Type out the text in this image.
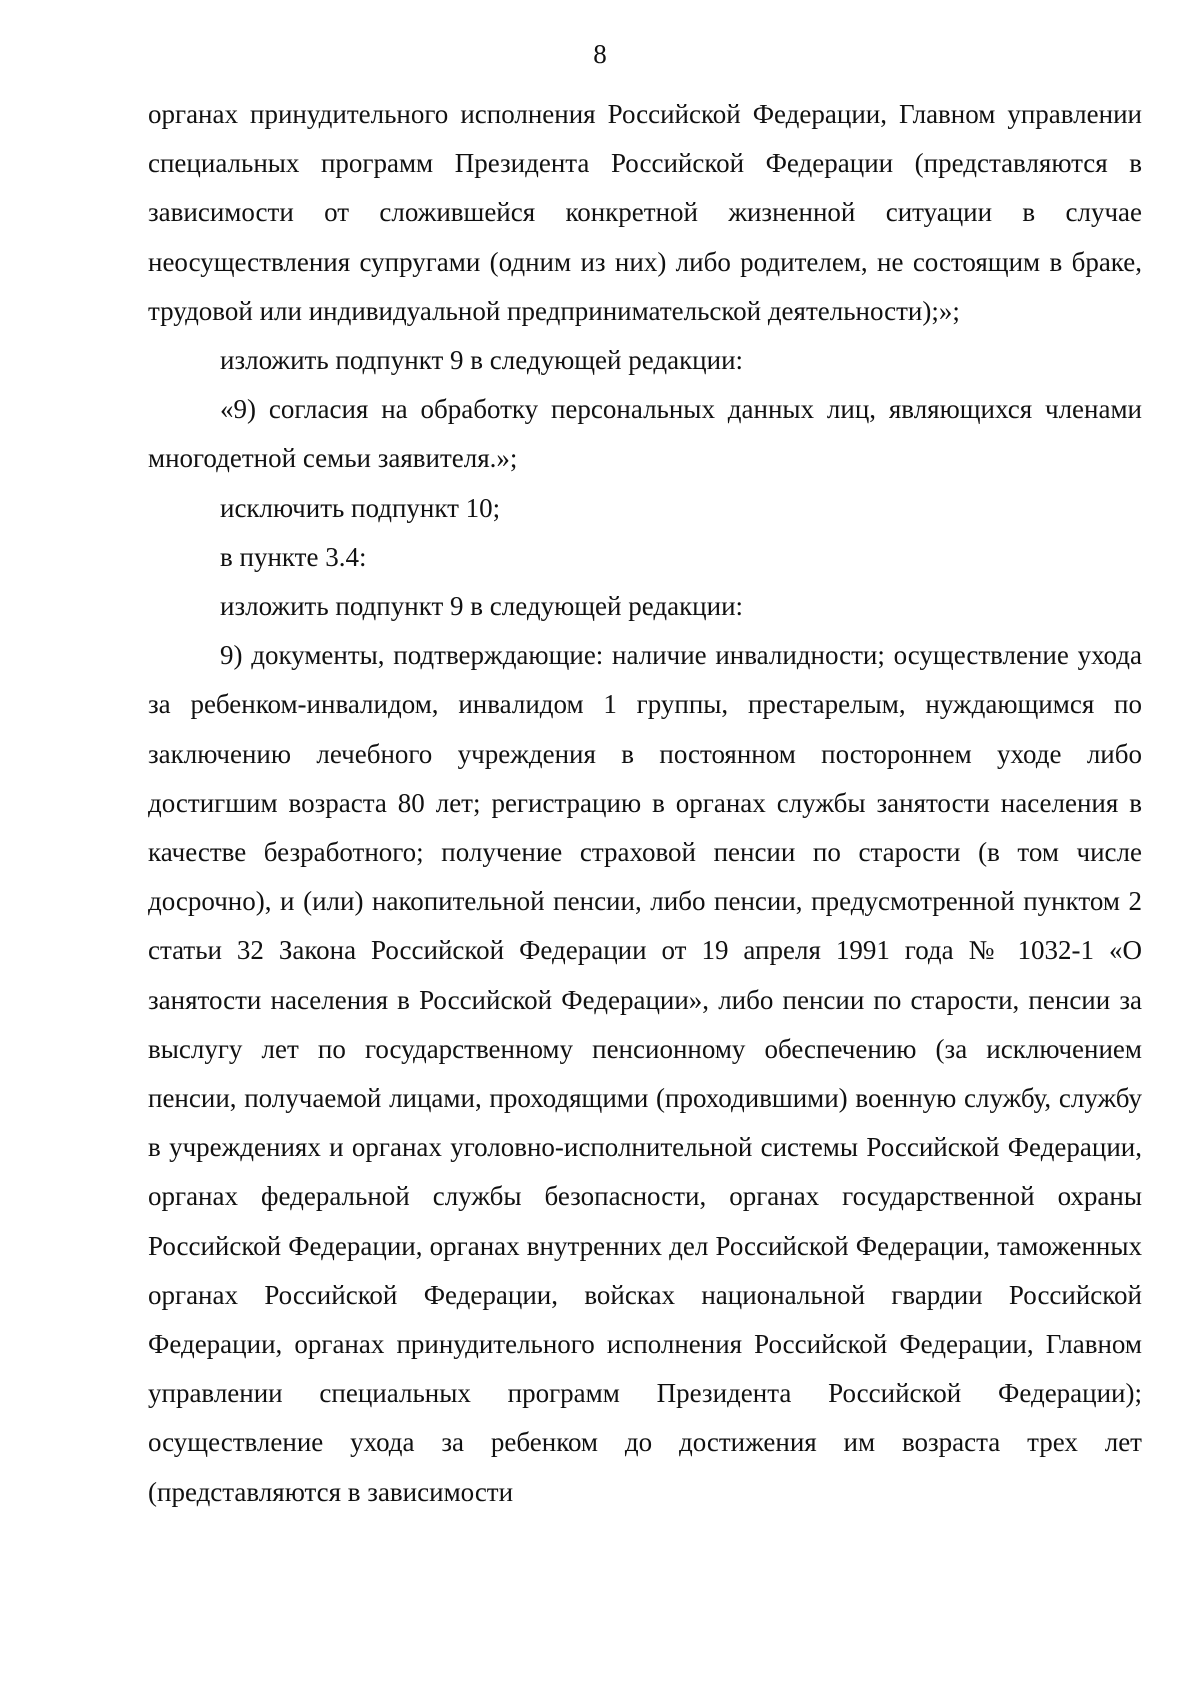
8

органах принудительного исполнения Российской Федерации, Главном управлении специальных программ Президента Российской Федерации (представляются в зависимости от сложившейся конкретной жизненной ситуации в случае неосуществления супругами (одним из них) либо родителем, не состоящим в браке, трудовой или индивидуальной предпринимательской деятельности);»;

изложить подпункт 9 в следующей редакции:

«9) согласия на обработку персональных данных лиц, являющихся членами многодетной семьи заявителя.»;

исключить подпункт 10;

в пункте 3.4:

изложить подпункт 9 в следующей редакции:

9) документы, подтверждающие: наличие инвалидности; осуществление ухода за ребенком-инвалидом, инвалидом 1 группы, престарелым, нуждающимся по заключению лечебного учреждения в постоянном постороннем уходе либо достигшим возраста 80 лет; регистрацию в органах службы занятости населения в качестве безработного; получение страховой пенсии по старости (в том числе досрочно), и (или) накопительной пенсии, либо пенсии, предусмотренной пунктом 2 статьи 32 Закона Российской Федерации от 19 апреля 1991 года № 1032-1 «О занятости населения в Российской Федерации», либо пенсии по старости, пенсии за выслугу лет по государственному пенсионному обеспечению (за исключением пенсии, получаемой лицами, проходящими (проходившими) военную службу, службу в учреждениях и органах уголовно-исполнительной системы Российской Федерации, органах федеральной службы безопасности, органах государственной охраны Российской Федерации, органах внутренних дел Российской Федерации, таможенных органах Российской Федерации, войсках национальной гвардии Российской Федерации, органах принудительного исполнения Российской Федерации, Главном управлении специальных программ Президента Российской Федерации); осуществление ухода за ребенком до достижения им возраста трех лет (представляются в зависимости
